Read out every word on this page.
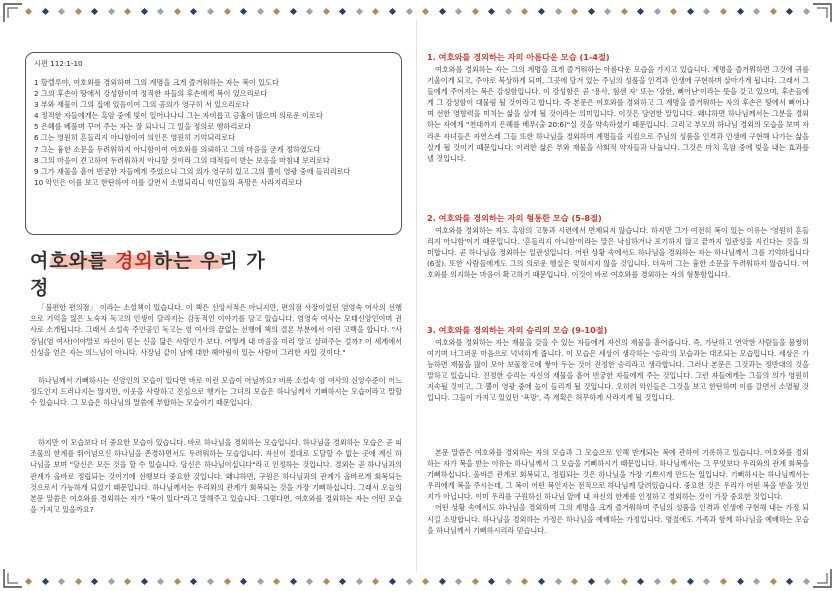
시편 112:1-10
1 할렐루야, 여호와를 경외하며 그의 계명을 크게 즐거워하는 자는 복이 있도다
2 그의 후손이 땅에서 강성함이여 정직한 자들의 후손에게 복이 있으리로다
3 부와 재물이 그의 집에 있음이여 그의 공의가 영구히 서 있으리로다
4 정직한 자들에게는 흑암 중에 빛이 일어나나니 그는 자비롭고 긍휼이 많으며 의로운 이로다
5 은혜를 베풀며 꾸어 주는 자는 잘 되나니 그 일을 정의로 행하리로다
6 그는 영원히 흔들리지 아니함이여 의인은 영원히 기억되리로다
7 그는 흉한 소문을 두려워하지 아니함이여 여호와를 의뢰하고 그의 마음을 굳게 정하였도다
8 그의 마음이 견고하여 두려워하지 아니할 것이라 그의 대적들이 받는 보응을 마침내 보리로다
9 그가 재물을 흩어 빈궁한 자들에게 주었으니 그의 의가 영구히 있고 그의 뿔이 영광 중에 들리리로다
10 악인은 이를 보고 한탄하여 이를 갈면서 소멸되리니 악인들의 욕망은 사라지리로다
여호와를 경외하는 우리 가정

「불편한 편의점」 이라는 소설책이 있습니다. 이 책은 신앙서적은 아니지만, 편의점 사장이었던 염영숙 여사의 선행으로 기억을 잃은 노숙자 독고의 인생이 달라지는 감동적인 이야기를 담고 있습니다. 염영숙 여사는 모태신앙인이며 권사로 소개됩니다. 그래서 소설속 주인공인 독고는 염 여사의 끝없는 선행에 책의 결론 부분에서 이런 고백을 합니다. "사장님(염 여사)이야말로 자신이 믿는 신을 닮은 사람인가 보다. 어떻게 내 마음을 미리 알고 살펴주는 걸까? 이 세계에서 신성을 얻은 자는 의느님이 아니다. 사장님 같이 남에 대한 헤아림이 있는 사람이 그러한 자일 것이다."

하나님께서 기뻐하시는 신앙인의 모습이 있다면 바로 이런 모습이 아닐까요? 비록 소설속 염 여사의 신앙수준이 어느정도인지 드러나지는 않지만, 이웃을 사랑하고 진심으로 행기는 그녀의 모습은 하나님께서 기뻐하시는 모습이라고 말할 수 있습니다. 그 모습은 하나님의 말씀에 부합하는 모습이기 때문입니다.

하지만 이 모습보다 더 중요한 모습이 있습니다. 바로 하나님을 경외하는 모습입니다. 하나님을 경외하는 모습은 곧 피조물의 한계를 뛰어넘으신 하나님을 존경하면서도 두려워하는 모습입니다. 자신이 절대로 도달할 수 없는 곳에 계신 하나님을 보며 "당신은 모든 것을 할 수 있습니다. 당신은 하나님이십니다"라고 인정하는 것입니다. 경외는 곧 하나님과의 관계가 올바로 정립되는 것이기에 선행보다 중요한 것입니다. 왜냐하면, 구원은 하나님과의 관계가 올바르게 회복되는 것으로서 가능하게 되었기 때문입니다. 하나님께서는 우리와의 관계가 회복되는 것을 가장 기뻐하십니다. 그래서 오늘의 본문 말씀은 여호와를 경외하는 자가 "복이 있다"라고 말해주고 있습니다. 그렇다면, 여호와를 경외하는 자는 어떤 모습을 가지고 있을까요?

1. 여호와를 경외하는 자의 아름다운 모습 (1-4절)

여호와를 경외하는 자는 그의 계명을 크게 즐거워하는 아름다운 모습을 가지고 있습니다. 계명을 즐거워하면 그것에 귀를 기울이게 되고, 주야로 묵상하게 되며, 그곳에 담겨 있는 주님의 성품을 인격과 인생에 구현하며 살아가게 됩니다. 그래서 그들에게 주어지는 복은 강성함입니다. 이 강성함은 곧 '용사, 힘센 자' 또는 '강한, 뻐어난'이라는 뜻을 갖고 있으며, 후손들에게 그 강성함이 대물림 될 것이라고 합니다. 즉 본문은 여호와를 경외하고 그 계명을 즐거워하는 자의 후손은 땅에서 뻐어나며 선한 영향력을 미치는 삶을 살게 될 것이라는 의미입니다. 이것은 당연한 말입니다. 왜냐하면 하나님께서는 그분을 경외하는 자에게 "천대까지 은혜를 베푸(출 20:6)"실 것을 약속하셨기 때문입니다. 그리고 부모의 하나님 경외의 모습을 보며 자라온 자녀들은 자연스레 그들 또한 하나님을 경외하며 계명들을 지킴으로 주님의 성품을 인격과 인생에 구현해 나가는 삶을 살게 될 것이기 때문입니다. 이러한 삶은 부와 재물을 사회적 약자들과 나눕니다. 그것은 마치 흑암 중에 빛을 내는 효과를 낼 것입니다.

2. 여호와를 경외하는 자의 형통한 모습 (5-8절)

여호와를 경외하는 자도 흑암의 고통과 시련에서 면제되지 않습니다. 하지만 그가 여전히 복이 있는 이유는 '영원히 흔들리지 아니함'이기 때문입니다. '흔들리지 아니함'이라는 말은 낙심하거나 포기하지 않고 끝까지 일관성을 지킨다는 것을 의미합니다. 곧 하나님을 경외하는 일관성입니다. 어떤 상황 속에서도 하나님을 경외하는 자는 하나님께서 그를 기억하십니다(6절). 또한 사람들에게도 그의 의로운 행실은 잊혀지지 않을 것입니다. 더욱이 그는 흉한 소문을 두려워하지 않습니다. 여호와를 의지하는 마음이 확고하기 때문입니다. 이것이 바로 여호와를 경외하는 자의 형통함입니다.

3. 여호와를 경외하는 자의 승리의 모습 (9-10절)

여호와를 경외하는 자는 재물을 갖을 수 있는 자들에게 자신의 재물을 흩어줍니다. 즉, 가난하고 연약한 사람들을 불쌍히 여기며 너그러운 마음으로 넉넉하게 줍니다. 이 모습은 세상이 생각하는 '승리'의 모습과는 대조되는 모습입니다. 세상은 가능하면 재물을 많이 모아 보물창고에 쌓아 두는 것이 진정한 승리라고 생각합니다. 그러나 본문은 그것과는 정반대의 것을 말하고 있습니다. 진정한 승리는 자신의 재물을 흩어 빈궁한 자들에게 주는 것입니다. 그런 자들에게는 그들의 의가 영원히 지속될 것이고, 그 뿔이 영광 중에 높이 들리게 될 것입니다. 오히려 악인들은 그것을 보고 한탄하며 이를 갈면서 소멸될 것입니다. 그들이 가지고 있었던 '욕망', 즉 계획은 허무하게 사라지게 될 것입니다.

본문 말씀은 여호와를 경외하는 자의 모습과 그 모습으로 인해 받게되는 복에 관하여 기록하고 있습니다. 여호와를 경외하는 자가 복을 받는 이유는 하나님께서 그 모습을 기뻐하시기 때문입니다. 하나님께서는 그 무엇보다 우리와의 관계 회복을 기뻐하십니다. 올바른 관계로 회복되고, 정립되는 것은 하나님을 가장 기쁘시게 만드는 일입니다. 기뻐하시는 하나님께서는 우리에게 복을 주시는데, 그 복이 어떤 복인지는 전적으로 하나님께 달려있습니다. 중요한 것은 우리가 어떤 복을 받을 것인지가 아닙니다. 이미 우리를 구원하신 하나님 앞에 내 자신의 한계를 인정하고 경외하는 것이 가장 중요한 것입니다.

어떤 상황 속에서도 하나님을 경외하며 그의 계명을 크게 즐거워하며 주님의 성품을 인격과 인생에 구현해 내는 가정 되시길 소망합니다. 하나님을 경외하는 가정은 하나님을 예배하는 가정입니다. 명절에도 가족과 함께 하나님을 예배하는 모습을 하나님께서 기뻐하시리라 믿습니다.
